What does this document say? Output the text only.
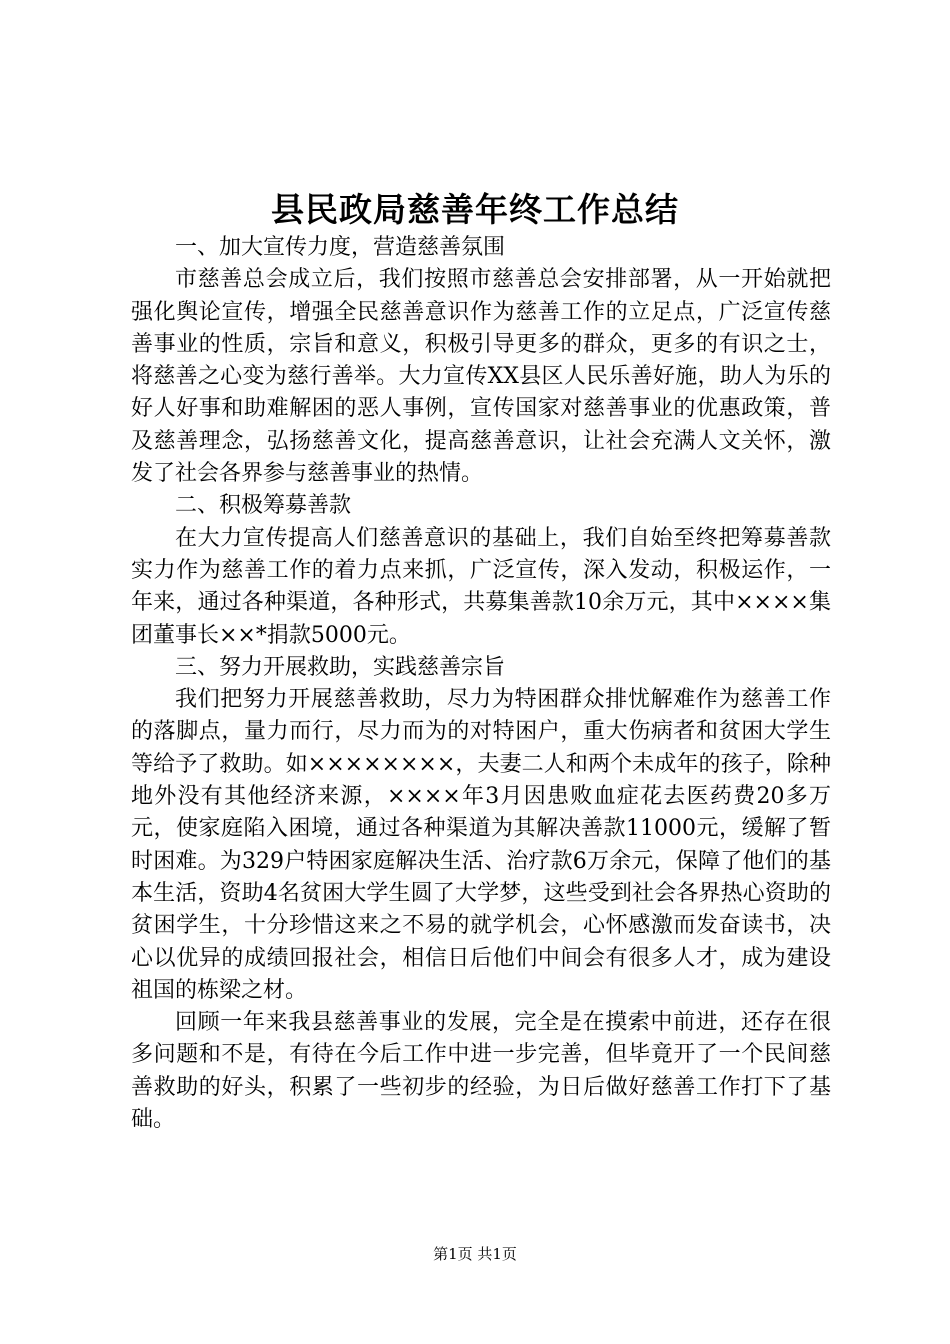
县民政局慈善年终工作总结

一、加大宣传力度，营造慈善氛围

市慈善总会成立后，我们按照市慈善总会安排部署，从一开始就把强化舆论宣传，增强全民慈善意识作为慈善工作的立足点，广泛宣传慈善事业的性质，宗旨和意义，积极引导更多的群众，更多的有识之士，将慈善之心变为慈行善举。大力宣传XX县区人民乐善好施，助人为乐的好人好事和助难解困的恶人事例，宣传国家对慈善事业的优惠政策，普及慈善理念，弘扬慈善文化，提高慈善意识，让社会充满人文关怀，激发了社会各界参与慈善事业的热情。

二、积极筹募善款

在大力宣传提高人们慈善意识的基础上，我们自始至终把筹募善款实力作为慈善工作的着力点来抓，广泛宣传，深入发动，积极运作，一年来，通过各种渠道，各种形式，共募集善款10余万元，其中××××集团董事长××*捐款5000元。

三、努力开展救助，实践慈善宗旨

我们把努力开展慈善救助，尽力为特困群众排忧解难作为慈善工作的落脚点，量力而行，尽力而为的对特困户，重大伤病者和贫困大学生等给予了救助。如××××××××，夫妻二人和两个未成年的孩子，除种地外没有其他经济来源，××××年3月因患败血症花去医药费20多万元，使家庭陷入困境，通过各种渠道为其解决善款11000元，缓解了暂时困难。为329户特困家庭解决生活、治疗款6万余元，保障了他们的基本生活，资助4名贫困大学生圆了大学梦，这些受到社会各界热心资助的贫困学生，十分珍惜这来之不易的就学机会，心怀感激而发奋读书，决心以优异的成绩回报社会，相信日后他们中间会有很多人才，成为建设祖国的栋梁之材。

回顾一年来我县慈善事业的发展，完全是在摸索中前进，还存在很多问题和不是，有待在今后工作中进一步完善，但毕竟开了一个民间慈善救助的好头，积累了一些初步的经验，为日后做好慈善工作打下了基础。

第1页 共1页
